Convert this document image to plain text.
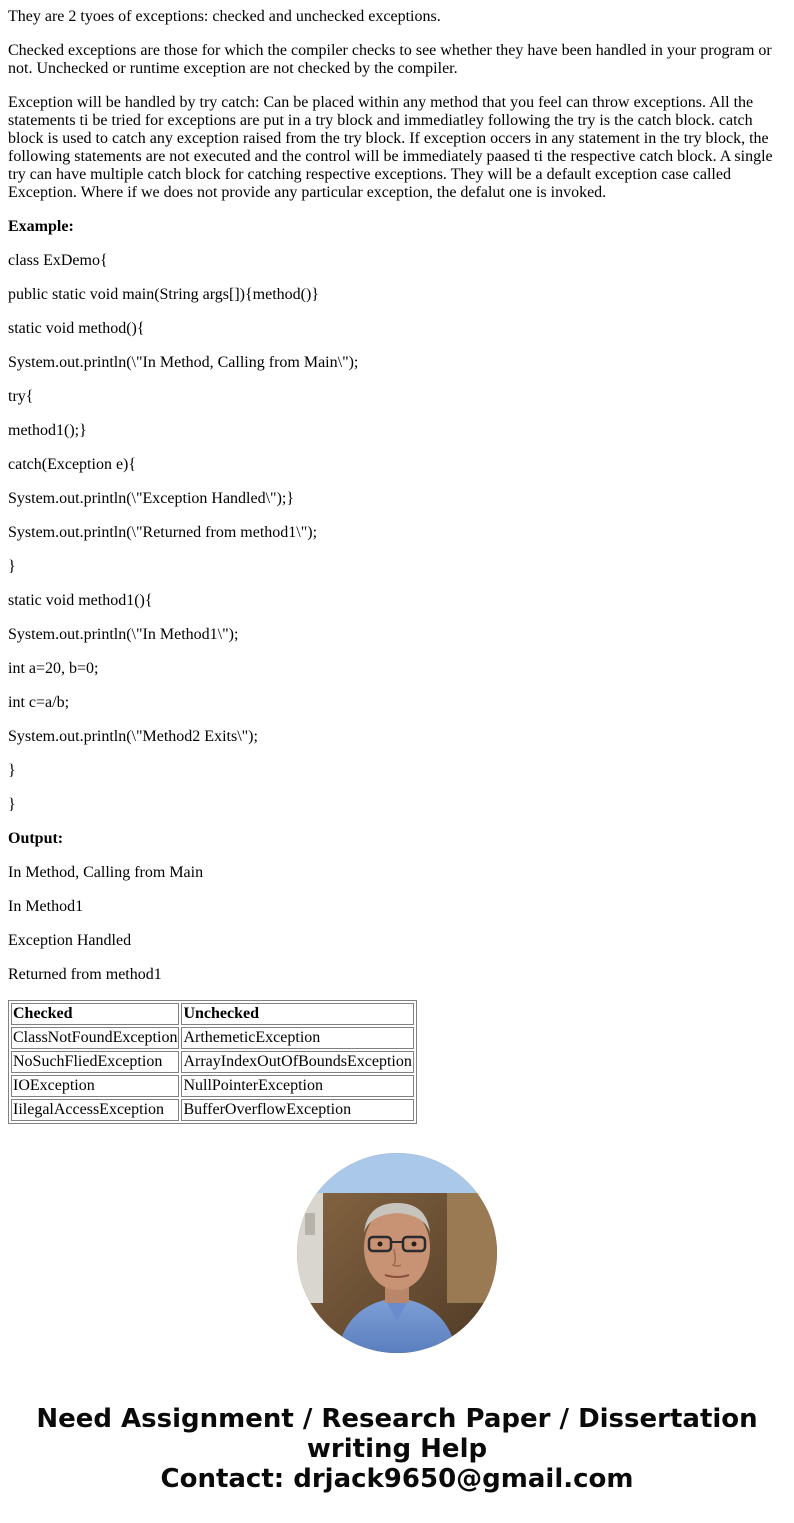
They are 2 tyoes of exceptions: checked and unchecked exceptions.
Checked exceptions are those for which the compiler checks to see whether they have been handled in your program or not. Unchecked or runtime exception are not checked by the compiler.
Exception will be handled by try catch: Can be placed within any method that you feel can throw exceptions. All the statements ti be tried for exceptions are put in a try block and immediatley following the try is the catch block. catch block is used to catch any exception raised from the try block. If exception occers in any statement in the try block, the following statements are not executed and the control will be immediately paased ti the respective catch block. A single try can have multiple catch block for catching respective exceptions. They will be a default exception case called Exception. Where if we does not provide any particular exception, the defalut one is invoked.
Example:
class ExDemo{
public static void main(String args[]){method()}
static void method(){
System.out.println(\"In Method, Calling from Main\");
try{
method1();}
catch(Exception e){
System.out.println(\"Exception Handled\");}
System.out.println(\"Returned from method1\");
}
static void method1(){
System.out.println(\"In Method1\");
int a=20, b=0;
int c=a/b;
System.out.println(\"Method2 Exits\");
}
}
Output:
In Method, Calling from Main
In Method1
Exception Handled
Returned from method1
Checked	Unchecked
ClassNotFoundException	ArthemeticException
NoSuchFliedException	ArrayIndexOutOfBoundsException
IOException	NullPointerException
IilegalAccessException	BufferOverflowException
Need Assignment / Research Paper / Dissertation
writing Help
Contact: drjack9650@gmail.com
